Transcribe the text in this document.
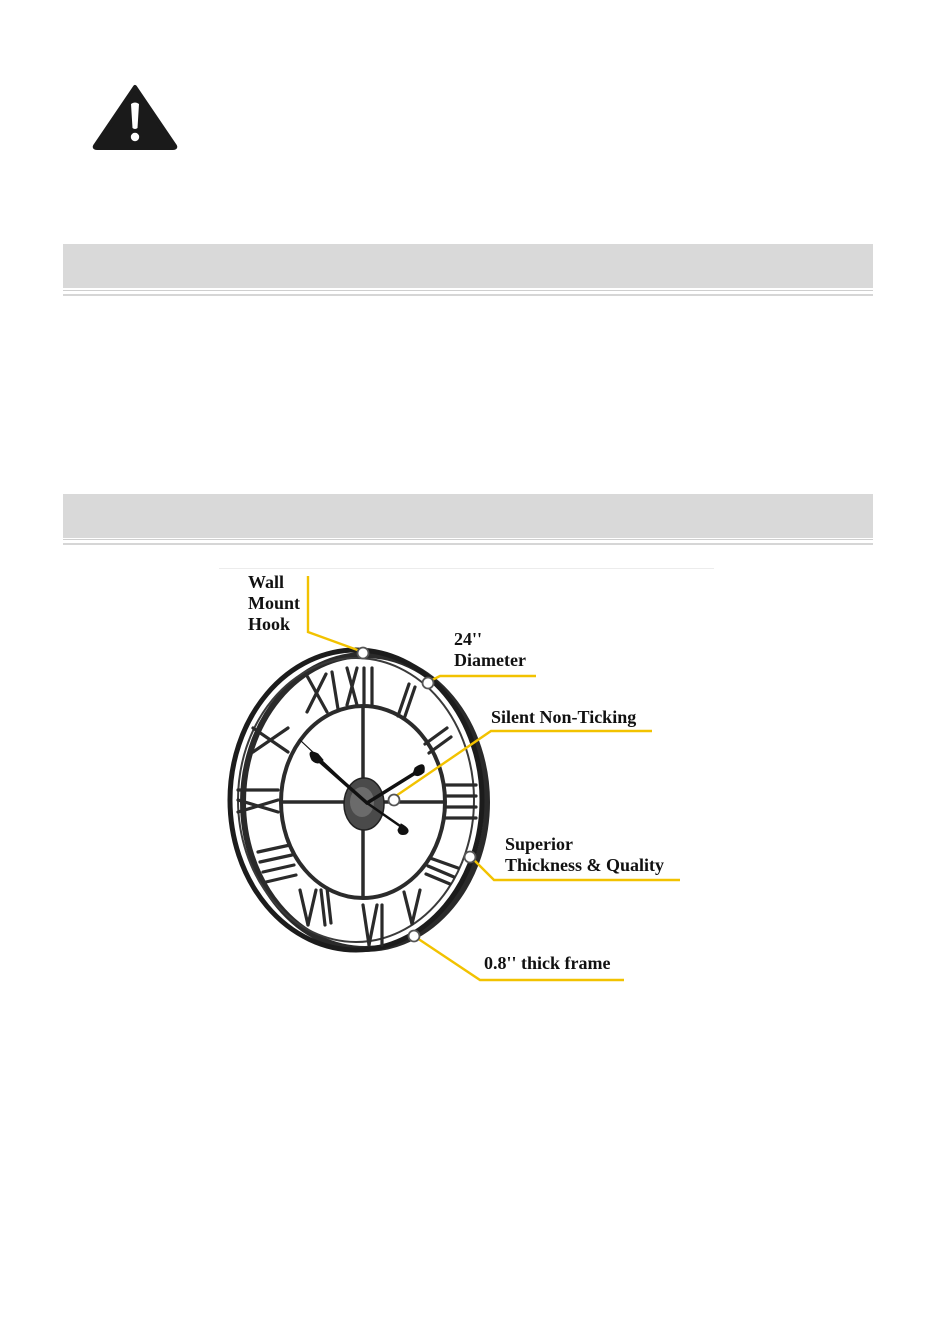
Wall
Mount
Hook
24''
Diameter
Silent Non-Ticking
Superior
Thickness & Quality
0.8'' thick frame
